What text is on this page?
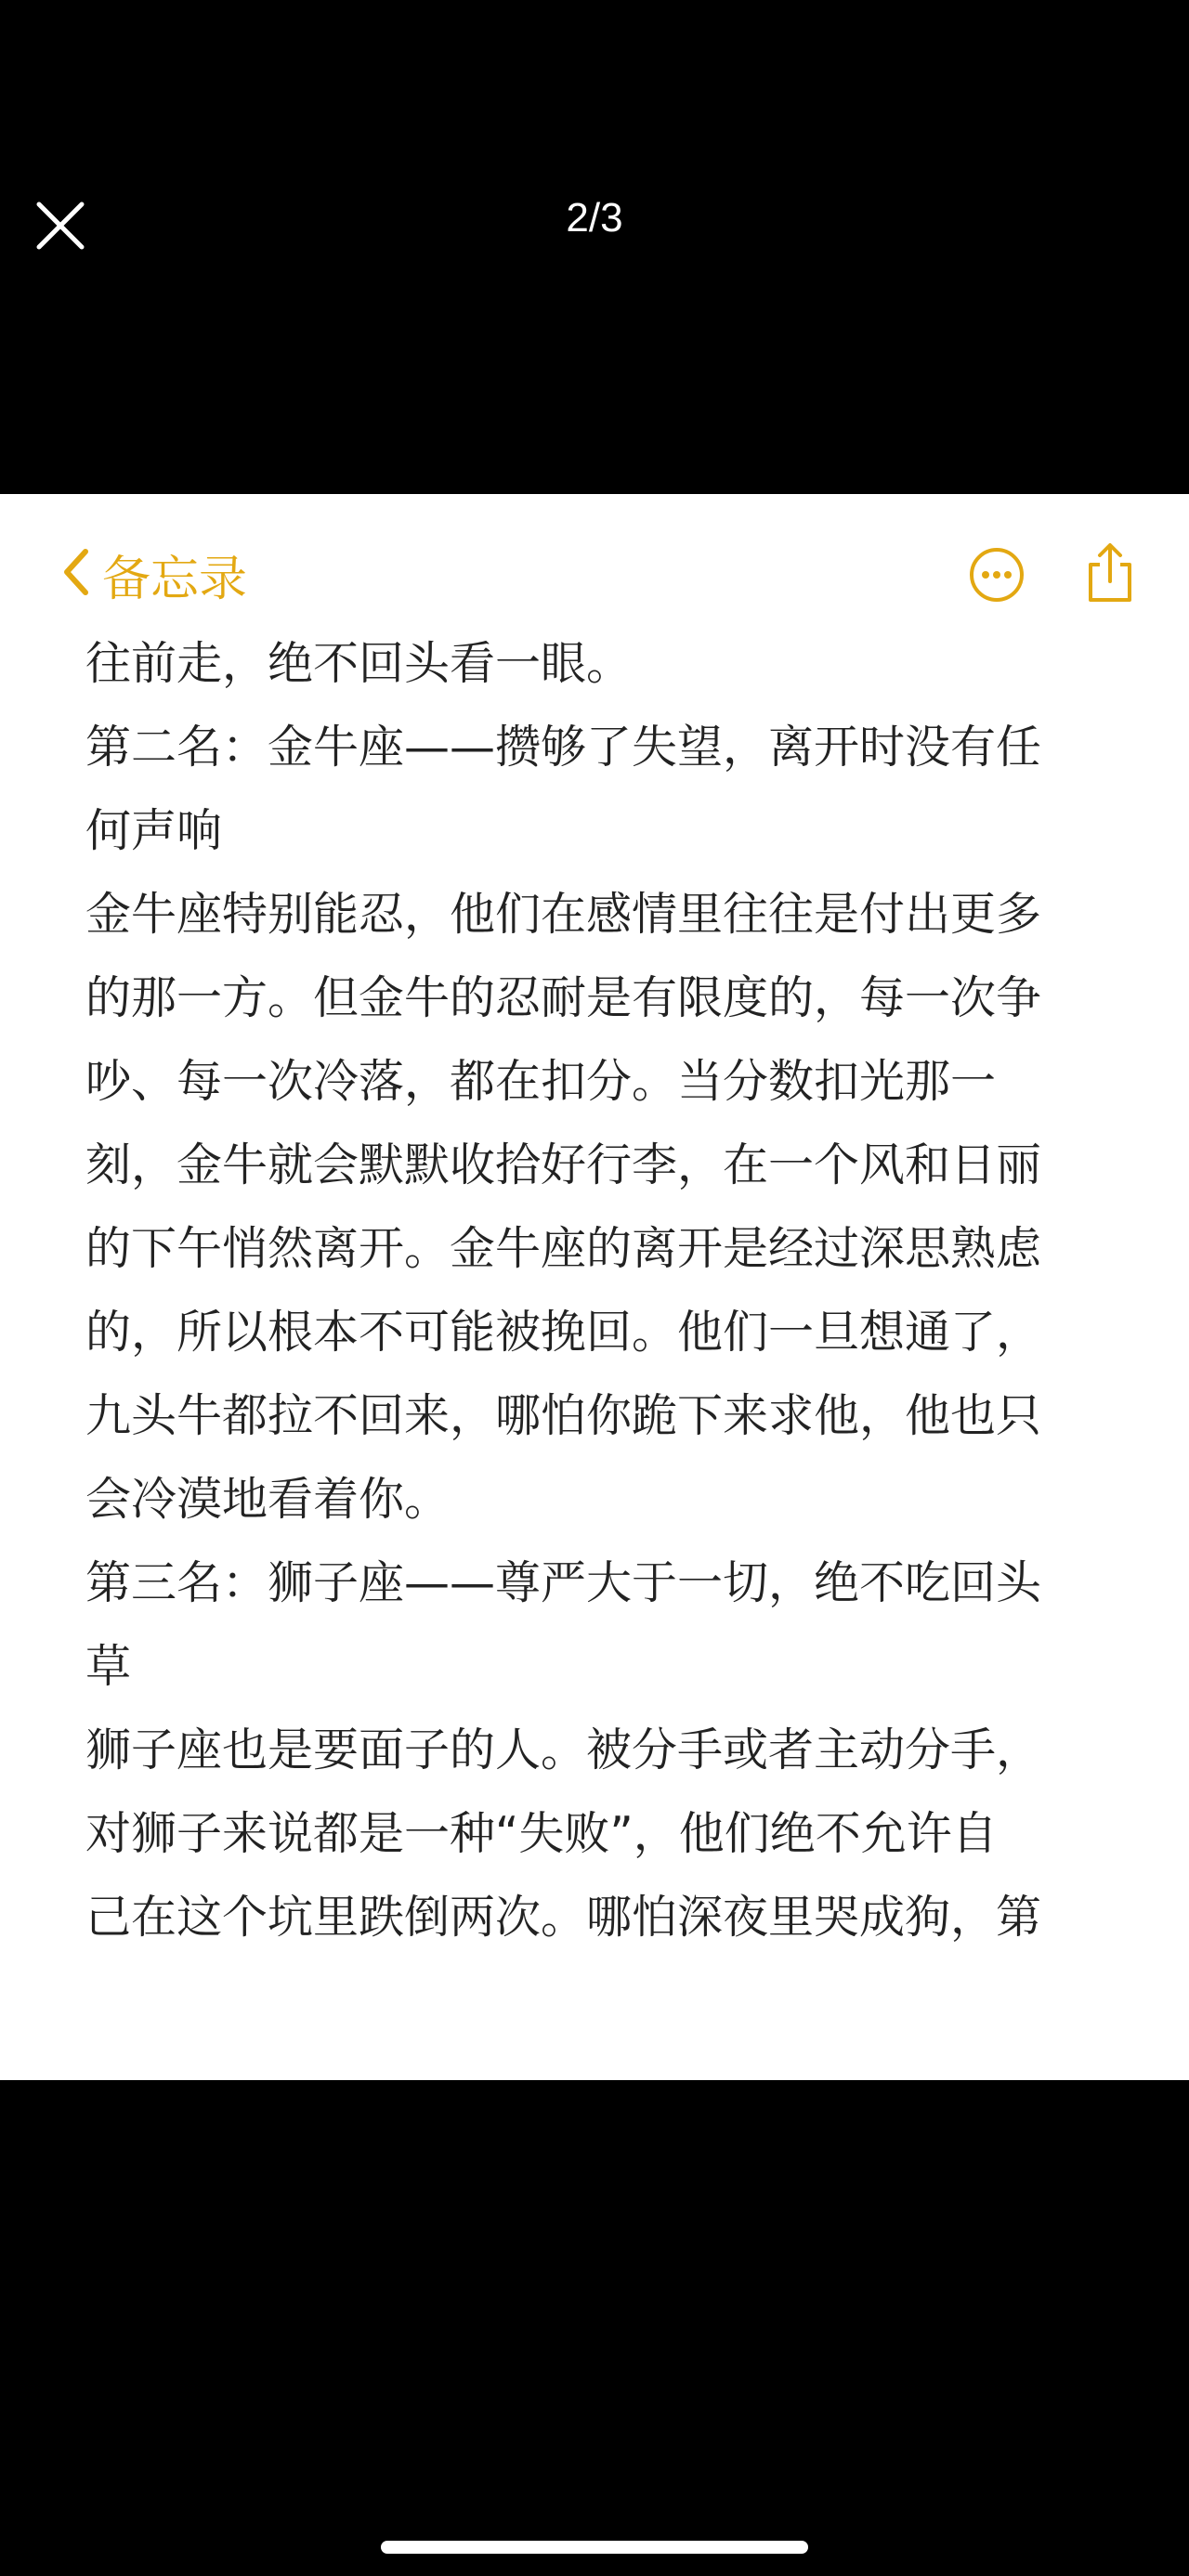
2/3
备忘录
往前走，绝不回头看一眼。
第二名：金牛座——攒够了失望，离开时没有任
何声响
金牛座特别能忍，他们在感情里往往是付出更多
的那一方。但金牛的忍耐是有限度的，每一次争
吵、每一次冷落，都在扣分。当分数扣光那一
刻，金牛就会默默收拾好行李，在一个风和日丽
的下午悄然离开。金牛座的离开是经过深思熟虑
的，所以根本不可能被挽回。他们一旦想通了，
九头牛都拉不回来，哪怕你跪下来求他，他也只
会冷漠地看着你。
第三名：狮子座——尊严大于一切，绝不吃回头
草
狮子座也是要面子的人。被分手或者主动分手，
对狮子来说都是一种“失败”，他们绝不允许自
己在这个坑里跌倒两次。哪怕深夜里哭成狗，第
